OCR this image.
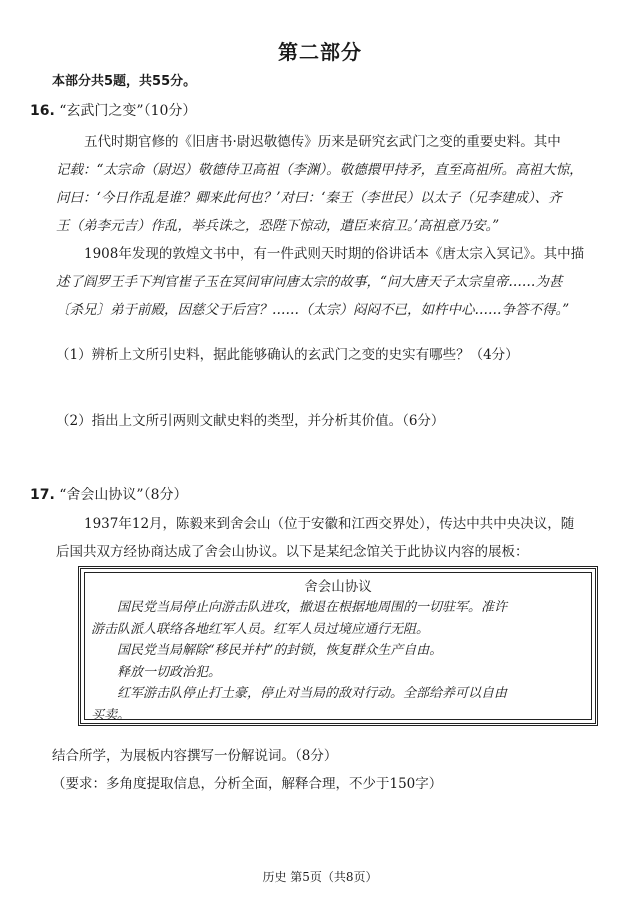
第二部分
本部分共5题，共55分。
16. “玄武门之变”（10分）
五代时期官修的《旧唐书·尉迟敬德传》历来是研究玄武门之变的重要史料。其中
记载：“太宗命（尉迟）敬德侍卫高祖（李渊）。敬德擐甲持矛，直至高祖所。高祖大惊，
问曰：‘今日作乱是谁？卿来此何也？’对曰：‘秦王（李世民）以太子（兄李建成）、齐
王（弟李元吉）作乱，举兵诛之，恐陛下惊动，遣臣来宿卫。’高祖意乃安。”
1908年发现的敦煌文书中，有一件武则天时期的俗讲话本《唐太宗入冥记》。其中描
述了阎罗王手下判官崔子玉在冥间审问唐太宗的故事，“问大唐天子太宗皇帝……为甚
〔杀兄〕弟于前殿，因慈父于后宫？……（太宗）闷闷不已，如杵中心……争答不得。”
（1）辨析上文所引史料，据此能够确认的玄武门之变的史实有哪些？（4分）
（2）指出上文所引两则文献史料的类型，并分析其价值。（6分）
17. “舍会山协议”（8分）
1937年12月，陈毅来到舍会山（位于安徽和江西交界处），传达中共中央决议，随
后国共双方经协商达成了舍会山协议。以下是某纪念馆关于此协议内容的展板：
舍会山协议
国民党当局停止向游击队进攻，撤退在根据地周围的一切驻军。准许
游击队派人联络各地红军人员。红军人员过境应通行无阻。
国民党当局解除“移民并村”的封锁，恢复群众生产自由。
释放一切政治犯。
红军游击队停止打土豪，停止对当局的敌对行动。全部给养可以自由
买卖。
结合所学，为展板内容撰写一份解说词。（8分）
（要求：多角度提取信息，分析全面，解释合理，不少于150字）
历史 第5页（共8页）
